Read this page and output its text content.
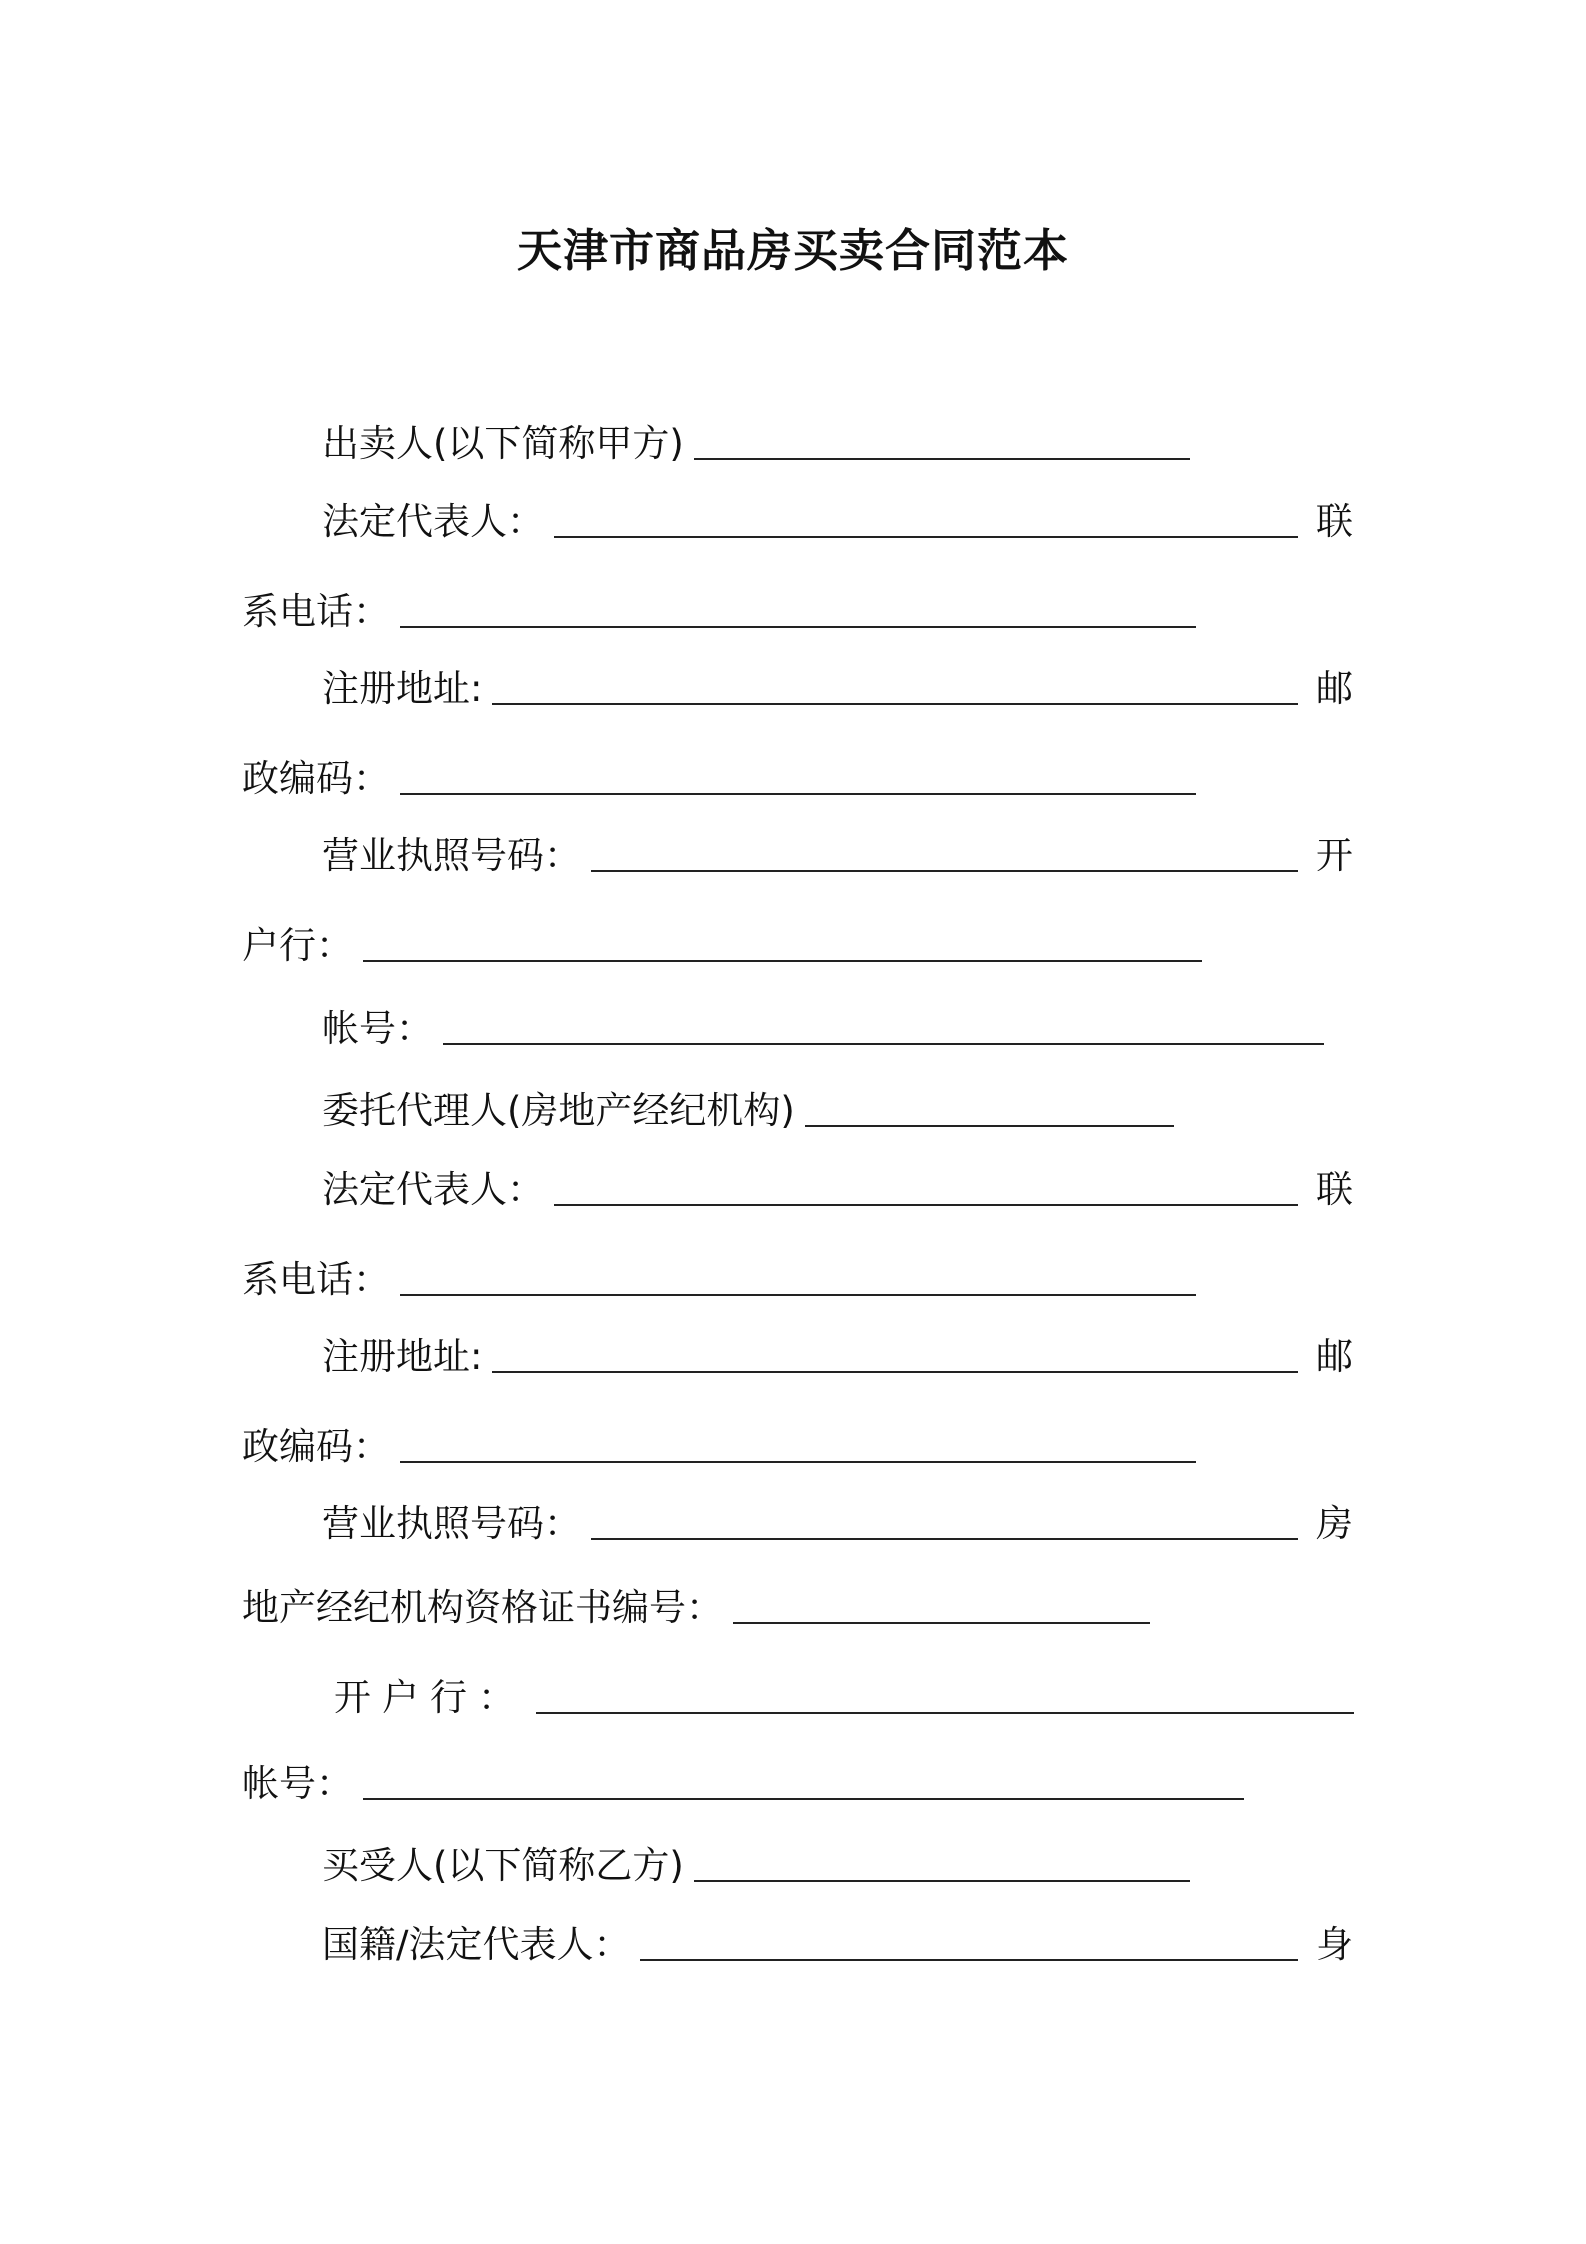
天津市商品房买卖合同范本
出卖人(以下简称甲方)
法定代表人：	联
系电话：
注册地址:	邮
政编码：
营业执照号码：	开
户行：
帐号：
委托代理人(房地产经纪机构)
法定代表人：	联
系电话：
注册地址:	邮
政编码：
营业执照号码：	房
地产经纪机构资格证书编号：
开户行：
帐号：
买受人(以下简称乙方)
国籍/法定代表人：	身
